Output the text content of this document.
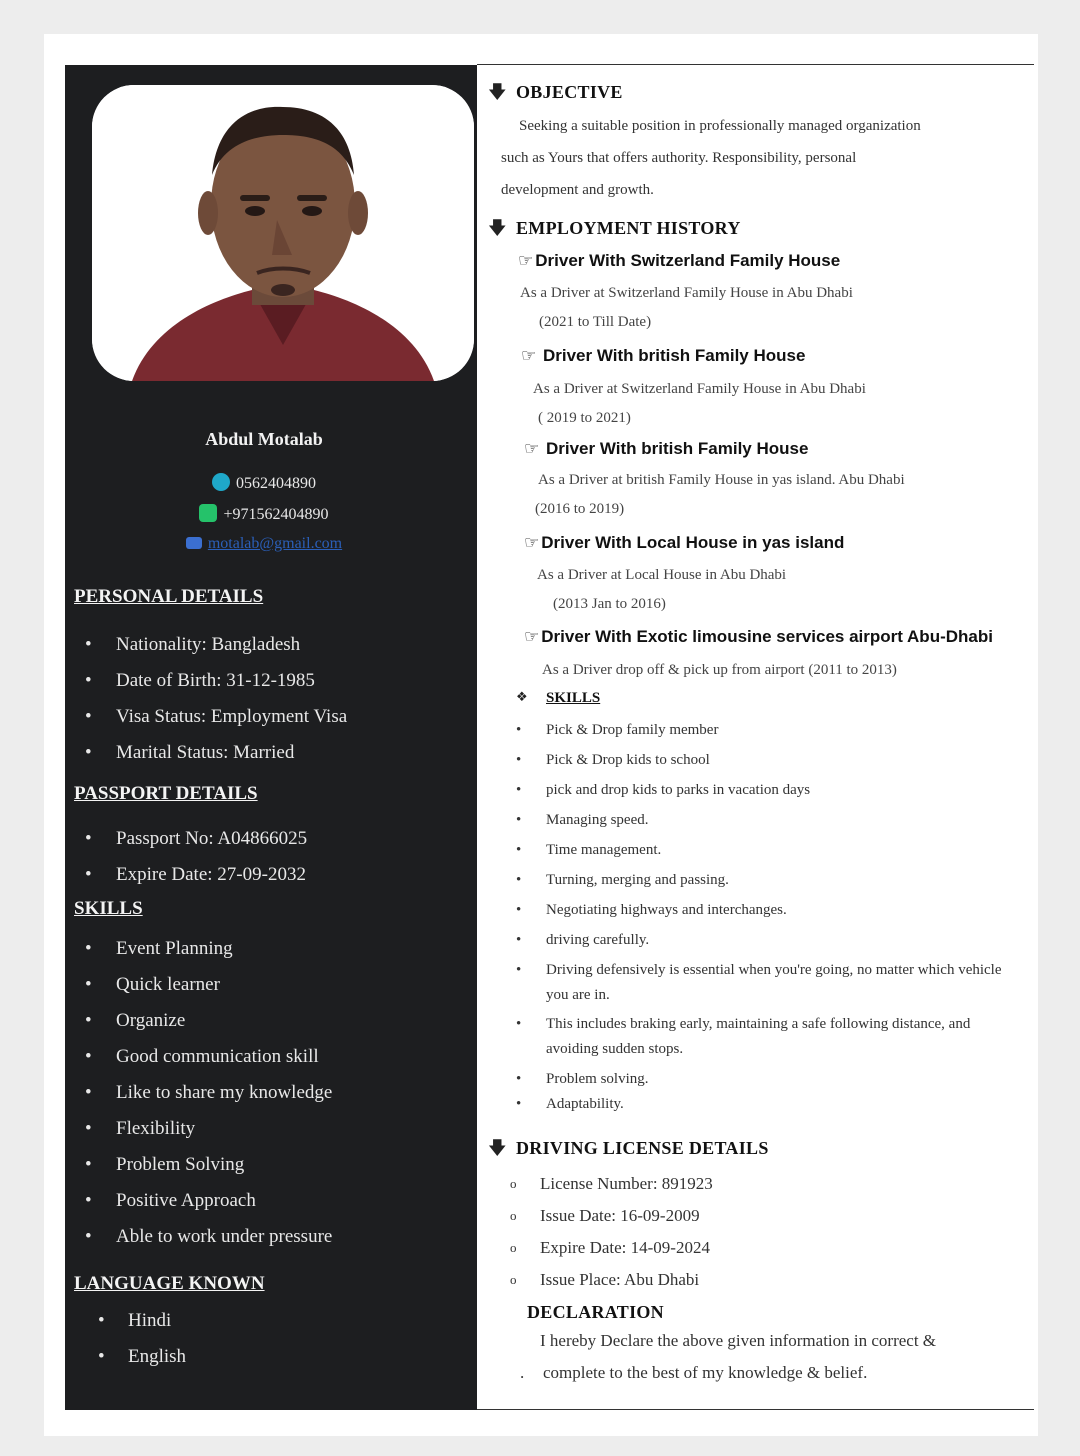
Abdul Motalab
0562404890
+971562404890
motalab@gmail.com
PERSONAL DETAILS
• Nationality: Bangladesh
• Date of Birth: 31-12-1985
• Visa Status: Employment Visa
• Marital Status: Married
PASSPORT DETAILS
• Passport No: A04866025
• Expire Date: 27-09-2032
SKILLS
• Event Planning
• Quick learner
• Organize
• Good communication skill
• Like to share my knowledge
• Flexibility
• Problem Solving
• Positive Approach
• Able to work under pressure
LANGUAGE KNOWN
• Hindi
• English
🡇 OBJECTIVE

Seeking a suitable position in professionally managed organization

such as Yours that offers authority. Responsibility, personal

development and growth.

🡇 EMPLOYMENT HISTORY
☞ Driver With Switzerland Family House
As a Driver at Switzerland Family House in Abu Dhabi
(2021 to Till Date)
☞ Driver With british Family House
As a Driver at Switzerland Family House in Abu Dhabi
( 2019 to 2021)
☞ Driver With british Family House
As a Driver at british Family House in yas island. Abu Dhabi
(2016 to 2019)
☞ Driver With Local House in yas island
As a Driver at Local House in Abu Dhabi
(2013 Jan to 2016)
☞ Driver With Exotic limousine services airport Abu-Dhabi
As a Driver drop off & pick up from airport (2011 to 2013)
❖ SKILLS
• Pick & Drop family member
• Pick & Drop kids to school
• pick and drop kids to parks in vacation days
• Managing speed.
• Time management.
• Turning, merging and passing.
• Negotiating highways and interchanges.
• driving carefully.
• Driving defensively is essential when you're going, no matter which vehicle you are in.
• This includes braking early, maintaining a safe following distance, and avoiding sudden stops.
• Problem solving.
• Adaptability.
🡇 DRIVING LICENSE DETAILS
o License Number: 891923
o Issue Date: 16-09-2009
o Expire Date: 14-09-2024
o Issue Place: Abu Dhabi
DECLARATION

I hereby Declare the above given information in correct &

. complete to the best of my knowledge & belief.
